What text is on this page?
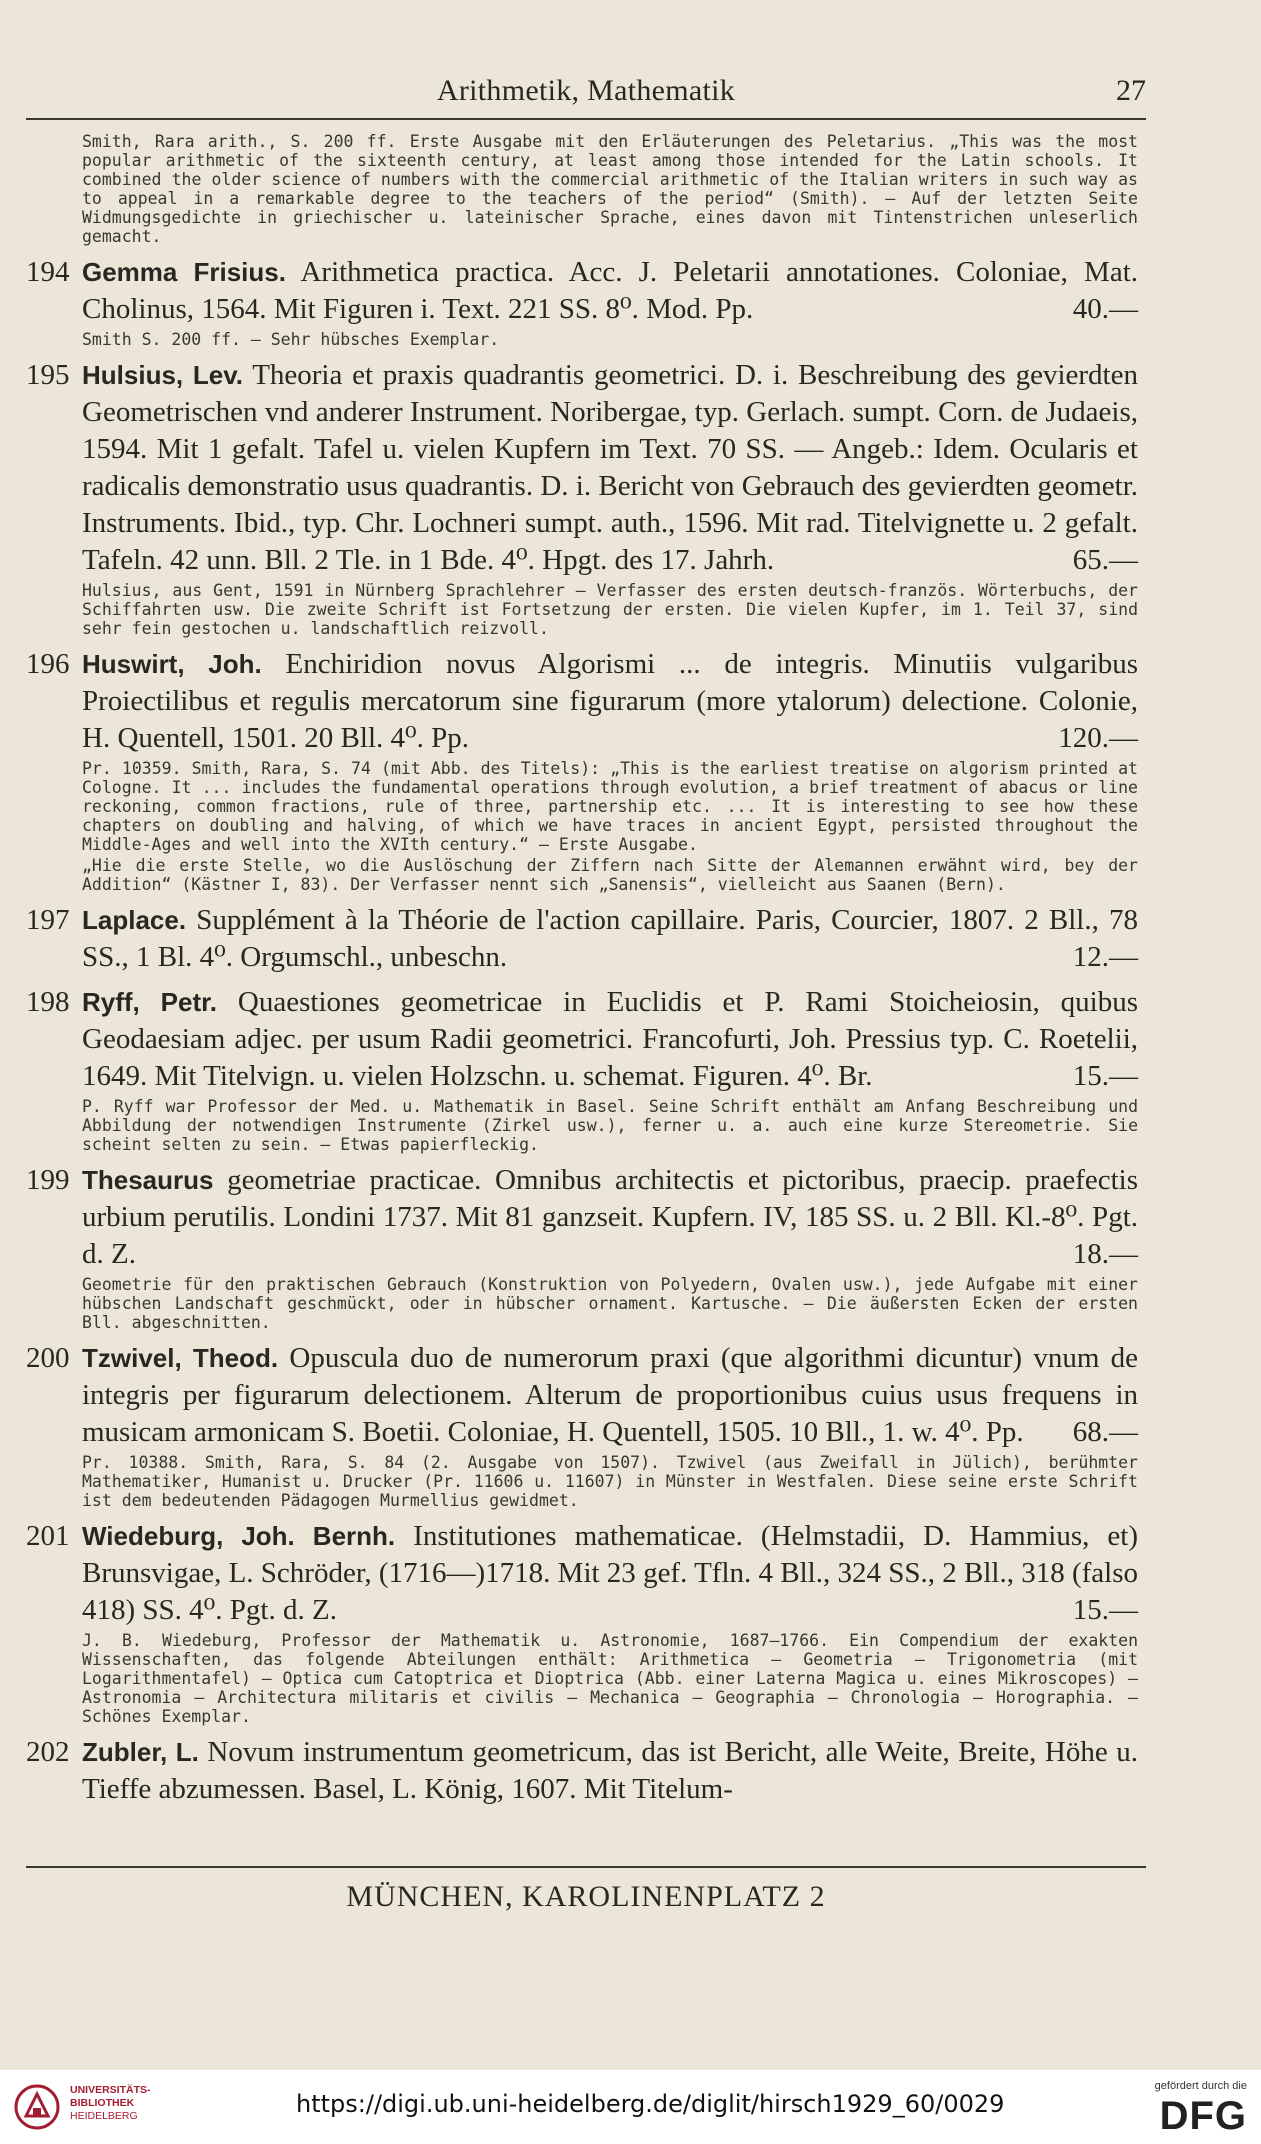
Arithmetik, Mathematik	27
Smith, Rara arith., S. 200 ff. Erste Ausgabe mit den Erläuterungen des Peletarius. „This was the most popular arithmetic of the sixteenth century, at least among those intended for the Latin schools. It combined the older science of numbers with the commercial arithmetic of the Italian writers in such way as to appeal in a remarkable degree to the teachers of the period“ (Smith). — Auf der letzten Seite Widmungsgedichte in griechischer u. lateinischer Sprache, eines davon mit Tintenstrichen unleserlich gemacht.
194 Gemma Frisius. Arithmetica practica. Acc. J. Peletarii annotationes. Coloniae, Mat. Cholinus, 1564. Mit Figuren i. Text. 221 SS. 8⁰. Mod. Pp.	40.—
Smith S. 200 ff. — Sehr hübsches Exemplar.
195 Hulsius, Lev. Theoria et praxis quadrantis geometrici. D. i. Beschreibung des gevierdten Geometrischen vnd anderer Instrument. Noribergae, typ. Gerlach. sumpt. Corn. de Judaeis, 1594. Mit 1 gefalt. Tafel u. vielen Kupfern im Text. 70 SS. — Angeb.: Idem. Ocularis et radicalis demonstratio usus quadrantis. D. i. Bericht von Gebrauch des gevierdten geometr. Instruments. Ibid., typ. Chr. Lochneri sumpt. auth., 1596. Mit rad. Titelvignette u. 2 gefalt. Tafeln. 42 unn. Bll. 2 Tle. in 1 Bde. 4⁰. Hpgt. des 17. Jahrh.	65.—
Hulsius, aus Gent, 1591 in Nürnberg Sprachlehrer — Verfasser des ersten deutsch-französ. Wörterbuchs, der Schiffahrten usw. Die zweite Schrift ist Fortsetzung der ersten. Die vielen Kupfer, im 1. Teil 37, sind sehr fein gestochen u. landschaftlich reizvoll.
196 Huswirt, Joh. Enchiridion novus Algorismi ... de integris. Minutiis vulgaribus Proiectilibus et regulis mercatorum sine figurarum (more ytalorum) delectione. Colonie, H. Quentell, 1501. 20 Bll. 4⁰. Pp.	120.—
Pr. 10359. Smith, Rara, S. 74 (mit Abb. des Titels): „This is the earliest treatise on algorism printed at Cologne. It ... includes the fundamental operations through evolution, a brief treatment of abacus or line reckoning, common fractions, rule of three, partnership etc. ... It is interesting to see how these chapters on doubling and halving, of which we have traces in ancient Egypt, persisted throughout the Middle-Ages and well into the XVIth century.“ — Erste Ausgabe.
„Hie die erste Stelle, wo die Auslöschung der Ziffern nach Sitte der Alemannen erwähnt wird, bey der Addition“ (Kästner I, 83). Der Verfasser nennt sich „Sanensis“, vielleicht aus Saanen (Bern).
197 Laplace. Supplément à la Théorie de l'action capillaire. Paris, Courcier, 1807. 2 Bll., 78 SS., 1 Bl. 4⁰. Orgumschl., unbeschn.	12.—
198 Ryff, Petr. Quaestiones geometricae in Euclidis et P. Rami Stoicheiosin, quibus Geodaesiam adjec. per usum Radii geometrici. Francofurti, Joh. Pressius typ. C. Roetelii, 1649. Mit Titelvign. u. vielen Holzschn. u. schemat. Figuren. 4⁰. Br.	15.—
P. Ryff war Professor der Med. u. Mathematik in Basel. Seine Schrift enthält am Anfang Beschreibung und Abbildung der notwendigen Instrumente (Zirkel usw.), ferner u. a. auch eine kurze Stereometrie. Sie scheint selten zu sein. — Etwas papierfleckig.
199 Thesaurus geometriae practicae. Omnibus architectis et pictoribus, praecip. praefectis urbium perutilis. Londini 1737. Mit 81 ganzseit. Kupfern. IV, 185 SS. u. 2 Bll. Kl.-8⁰. Pgt. d. Z.	18.—
Geometrie für den praktischen Gebrauch (Konstruktion von Polyedern, Ovalen usw.), jede Aufgabe mit einer hübschen Landschaft geschmückt, oder in hübscher ornament. Kartusche. — Die äußersten Ecken der ersten Bll. abgeschnitten.
200 Tzwivel, Theod. Opuscula duo de numerorum praxi (que algorithmi dicuntur) vnum de integris per figurarum delectionem. Alterum de proportionibus cuius usus frequens in musicam armonicam S. Boetii. Coloniae, H. Quentell, 1505. 10 Bll., 1. w. 4⁰. Pp. 68.—
Pr. 10388. Smith, Rara, S. 84 (2. Ausgabe von 1507). Tzwivel (aus Zweifall in Jülich), berühmter Mathematiker, Humanist u. Drucker (Pr. 11606 u. 11607) in Münster in Westfalen. Diese seine erste Schrift ist dem bedeutenden Pädagogen Murmellius gewidmet.
201 Wiedeburg, Joh. Bernh. Institutiones mathematicae. (Helmstadii, D. Hammius, et) Brunsvigae, L. Schröder, (1716—)1718. Mit 23 gef. Tfln. 4 Bll., 324 SS., 2 Bll., 318 (falso 418) SS. 4⁰. Pgt. d. Z.	15.—
J. B. Wiedeburg, Professor der Mathematik u. Astronomie, 1687—1766. Ein Compendium der exakten Wissenschaften, das folgende Abteilungen enthält: Arithmetica — Geometria — Trigonometria (mit Logarithmentafel) — Optica cum Catoptrica et Dioptrica (Abb. einer Laterna Magica u. eines Mikroscopes) — Astronomia — Architectura militaris et civilis — Mechanica — Geographia — Chronologia — Horographia. — Schönes Exemplar.
202 Zubler, L. Novum instrumentum geometricum, das ist Bericht, alle Weite, Breite, Höhe u. Tieffe abzumessen. Basel, L. König, 1607. Mit Titelum-
MÜNCHEN, KAROLINENPLATZ 2
UNIVERSITÄTS-
BIBLIOTHEK
HEIDELBERG	https://digi.ub.uni-heidelberg.de/diglit/hirsch1929_60/0029
gefördert durch die
DFG
